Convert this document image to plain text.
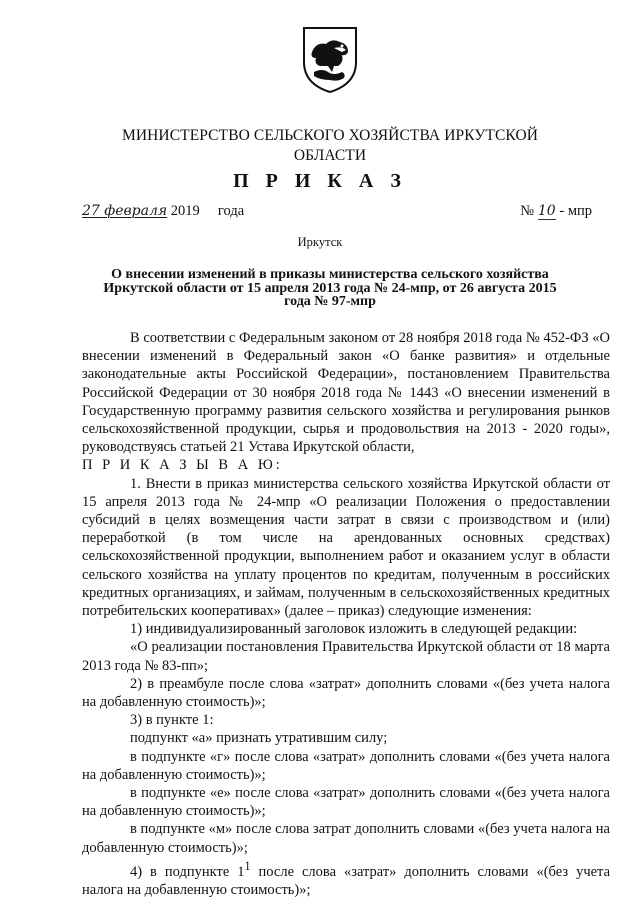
МИНИСТЕРСТВО СЕЛЬСКОГО ХОЗЯЙСТВА ИРКУТСКОЙ
ОБЛАСТИ
П Р И К А З
27 февраля 2019 года	№ 10 - мпр
Иркутск
О внесении изменений в приказы министерства сельского хозяйства
Иркутской области от 15 апреля 2013 года № 24-мпр, от 26 августа 2015
года № 97-мпр

В соответствии с Федеральным законом от 28 ноября 2018 года № 452-ФЗ «О внесении изменений в Федеральный закон «О банке развития» и отдельные законодательные акты Российской Федерации», постановлением Правительства Российской Федерации от 30 ноября 2018 года № 1443 «О внесении изменений в Государственную программу развития сельского хозяйства и регулирования рынков сельскохозяйственной продукции, сырья и продовольствия на 2013 - 2020 годы», руководствуясь статьей 21 Устава Иркутской области,

П Р И К А З Ы В А Ю:

1. Внести в приказ министерства сельского хозяйства Иркутской области от 15 апреля 2013 года № 24-мпр «О реализации Положения о предоставлении субсидий в целях возмещения части затрат в связи с производством и (или) переработкой (в том числе на арендованных основных средствах) сельскохозяйственной продукции, выполнением работ и оказанием услуг в области сельского хозяйства на уплату процентов по кредитам, полученным в российских кредитных организациях, и займам, полученным в сельскохозяйственных кредитных потребительских кооперативах» (далее – приказ) следующие изменения:

1) индивидуализированный заголовок изложить в следующей редакции:

«О реализации постановления Правительства Иркутской области от 18 марта 2013 года № 83-пп»;

2) в преамбуле после слова «затрат» дополнить словами «(без учета налога на добавленную стоимость)»;

3) в пункте 1:

подпункт «а» признать утратившим силу;

в подпункте «г» после слова «затрат» дополнить словами «(без учета налога на добавленную стоимость)»;

в подпункте «е» после слова «затрат» дополнить словами «(без учета налога на добавленную стоимость)»;

в подпункте «м» после слова затрат дополнить словами «(без учета налога на добавленную стоимость)»;

4) в подпункте $1^1$ после слова «затрат» дополнить словами «(без учета налога на добавленную стоимость)»;
